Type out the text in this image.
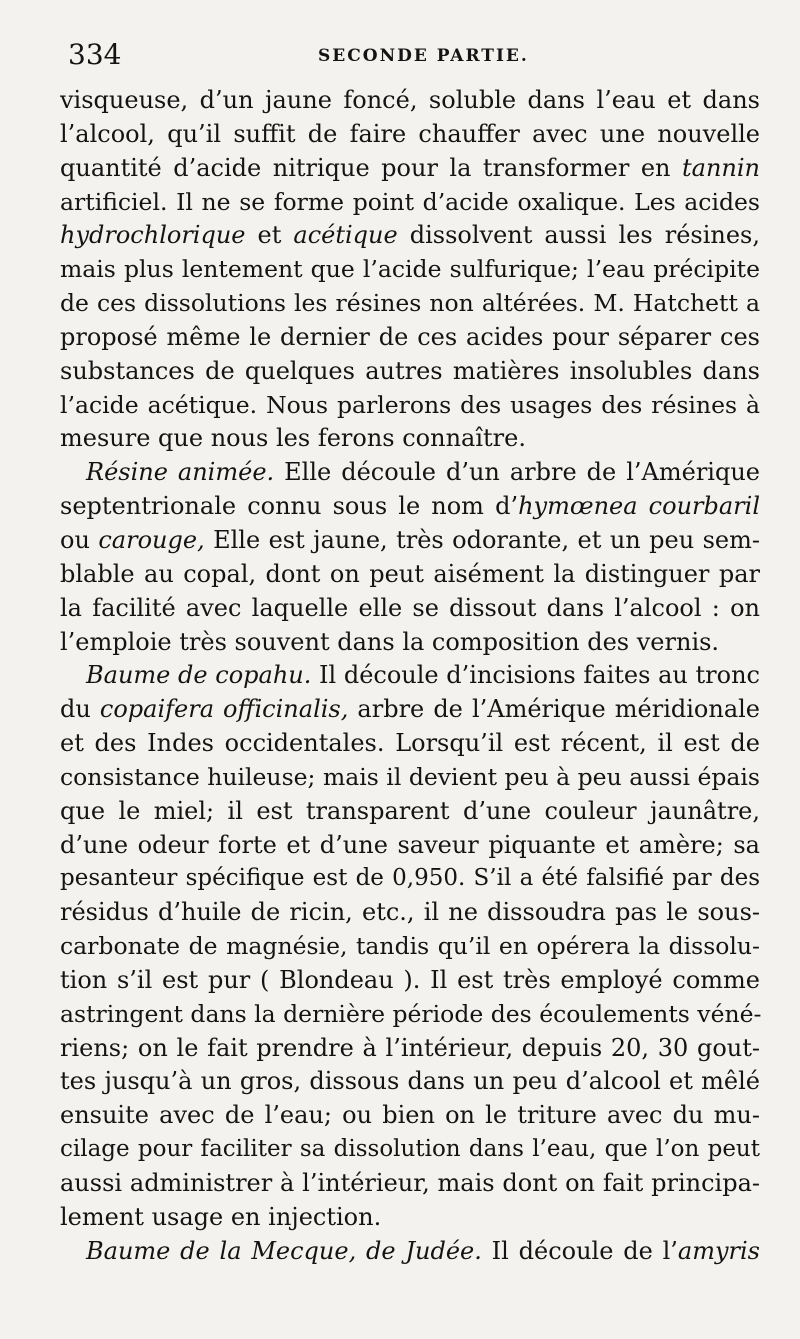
334	SECONDE PARTIE.
visqueuse, d’un jaune foncé, soluble dans l’eau et dans
l’alcool, qu’il suffit de faire chauffer avec une nouvelle
quantité d’acide nitrique pour la transformer en tannin
artificiel. Il ne se forme point d’acide oxalique. Les acides
hydrochlorique et acétique dissolvent aussi les résines,
mais plus lentement que l’acide sulfurique; l’eau précipite
de ces dissolutions les résines non altérées. M. Hatchett a
proposé même le dernier de ces acides pour séparer ces
substances de quelques autres matières insolubles dans
l’acide acétique. Nous parlerons des usages des résines à
mesure que nous les ferons connaître.
Résine animée. Elle découle d’un arbre de l’Amérique
septentrionale connu sous le nom d’hymœnea courbaril
ou carouge, Elle est jaune, très odorante, et un peu sem-
blable au copal, dont on peut aisément la distinguer par
la facilité avec laquelle elle se dissout dans l’alcool : on
l’emploie très souvent dans la composition des vernis.
Baume de copahu. Il découle d’incisions faites au tronc
du copaifera officinalis, arbre de l’Amérique méridionale
et des Indes occidentales. Lorsqu’il est récent, il est de
consistance huileuse; mais il devient peu à peu aussi épais
que le miel; il est transparent d’une couleur jaunâtre,
d’une odeur forte et d’une saveur piquante et amère; sa
pesanteur spécifique est de 0,950. S’il a été falsifié par des
résidus d’huile de ricin, etc., il ne dissoudra pas le sous-
carbonate de magnésie, tandis qu’il en opérera la dissolu-
tion s’il est pur ( Blondeau ). Il est très employé comme
astringent dans la dernière période des écoulements véné-
riens; on le fait prendre à l’intérieur, depuis 20, 30 gout-
tes jusqu’à un gros, dissous dans un peu d’alcool et mêlé
ensuite avec de l’eau; ou bien on le triture avec du mu-
cilage pour faciliter sa dissolution dans l’eau, que l’on peut
aussi administrer à l’intérieur, mais dont on fait principa-
lement usage en injection.
Baume de la Mecque, de Judée. Il découle de l’amyris
